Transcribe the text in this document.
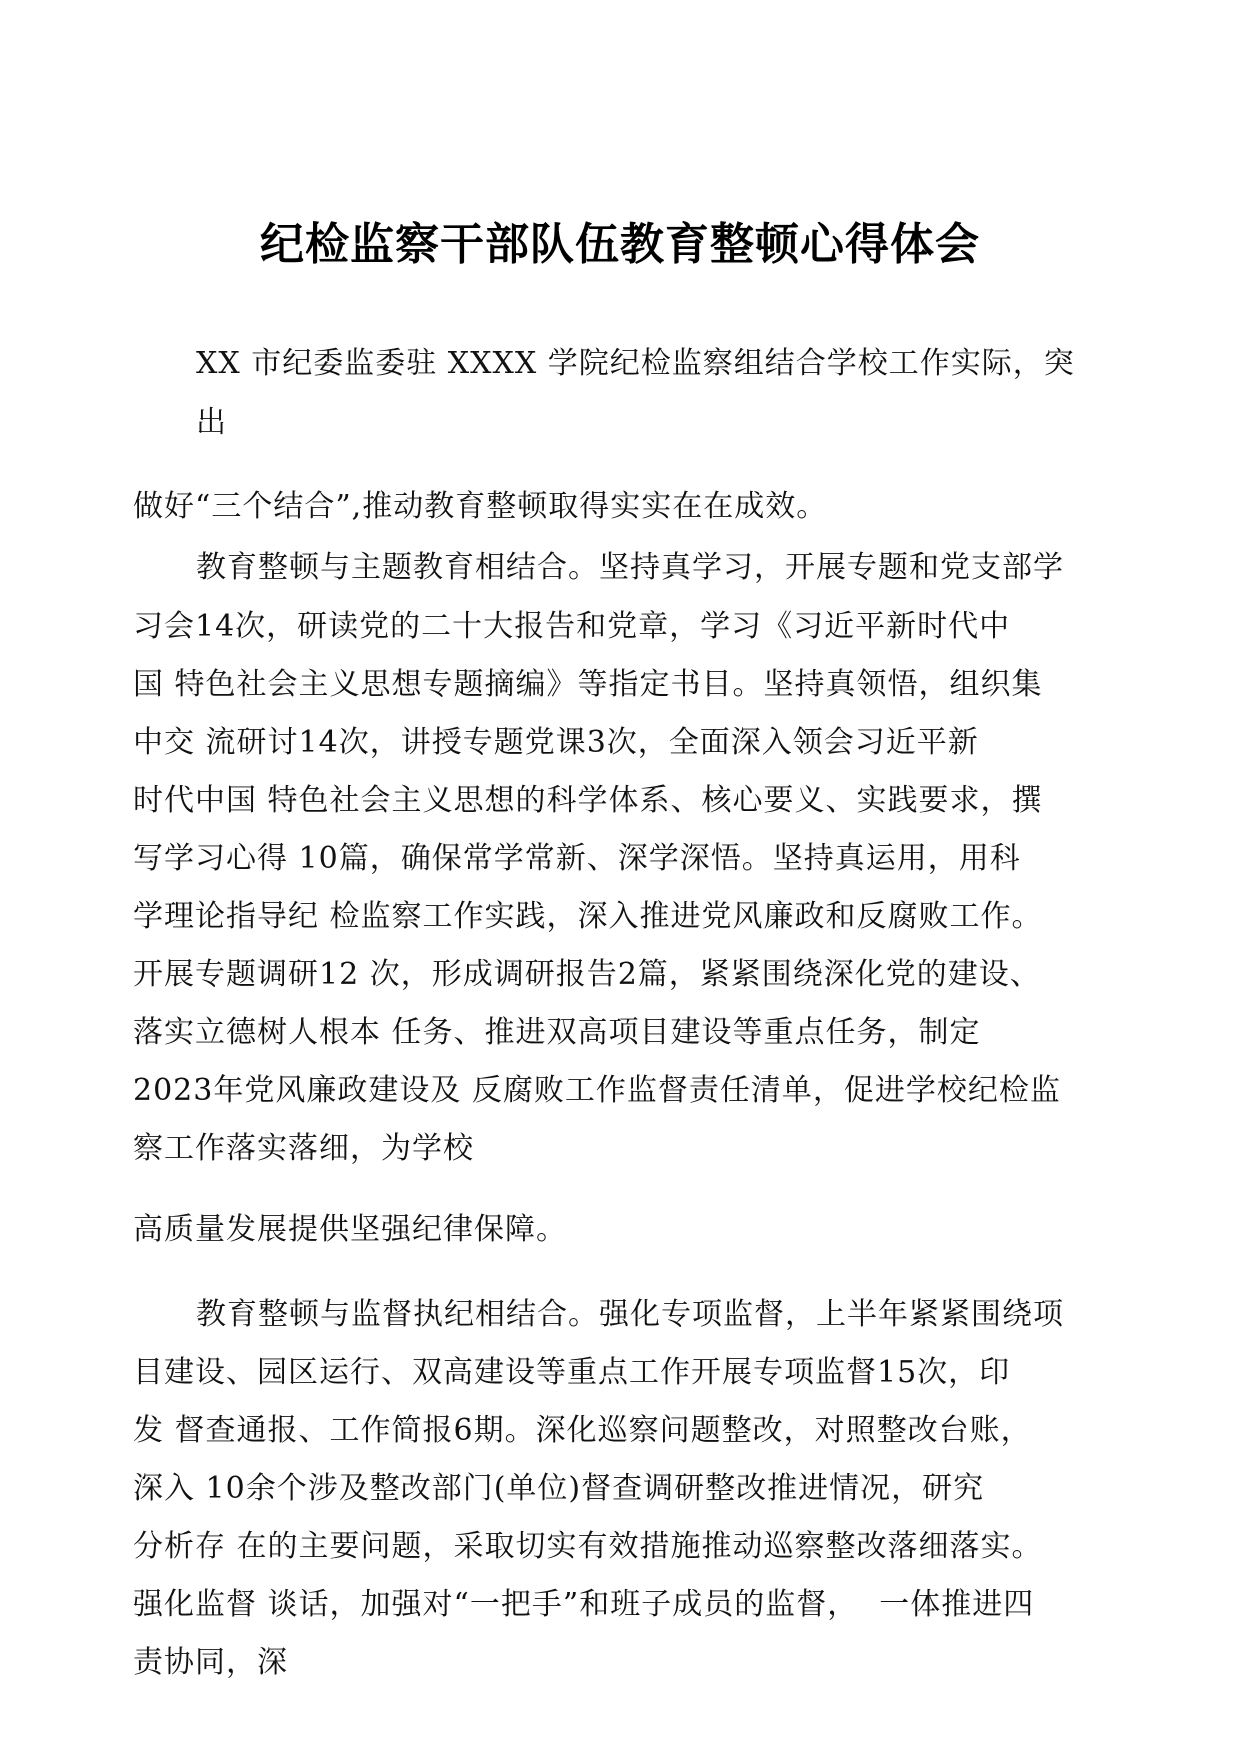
纪检监察干部队伍教育整顿心得体会

XX 市纪委监委驻 XXXX 学院纪检监察组结合学校工作实际，突

出

做好“三个结合”,推动教育整顿取得实实在在成效。

教育整顿与主题教育相结合。坚持真学习，开展专题和党支部学

习会14次，研读党的二十大报告和党章，学习《习近平新时代中

国 特色社会主义思想专题摘编》等指定书目。坚持真领悟，组织集

中交 流研讨14次，讲授专题党课3次，全面深入领会习近平新

时代中国 特色社会主义思想的科学体系、核心要义、实践要求，撰

写学习心得 10篇，确保常学常新、深学深悟。坚持真运用，用科

学理论指导纪 检监察工作实践，深入推进党风廉政和反腐败工作。

开展专题调研12 次，形成调研报告2篇，紧紧围绕深化党的建设、

落实立德树人根本 任务、推进双高项目建设等重点任务，制定

2023年党风廉政建设及 反腐败工作监督责任清单，促进学校纪检监

察工作落实落细，为学校

高质量发展提供坚强纪律保障。

教育整顿与监督执纪相结合。强化专项监督，上半年紧紧围绕项

目建设、园区运行、双高建设等重点工作开展专项监督15次，印

发 督查通报、工作简报6期。深化巡察问题整改，对照整改台账，

深入 10余个涉及整改部门(单位)督查调研整改推进情况，研究

分析存 在的主要问题，采取切实有效措施推动巡察整改落细落实。

强化监督 谈话，加强对“一把手”和班子成员的监督，  一体推进四

责协同，深
